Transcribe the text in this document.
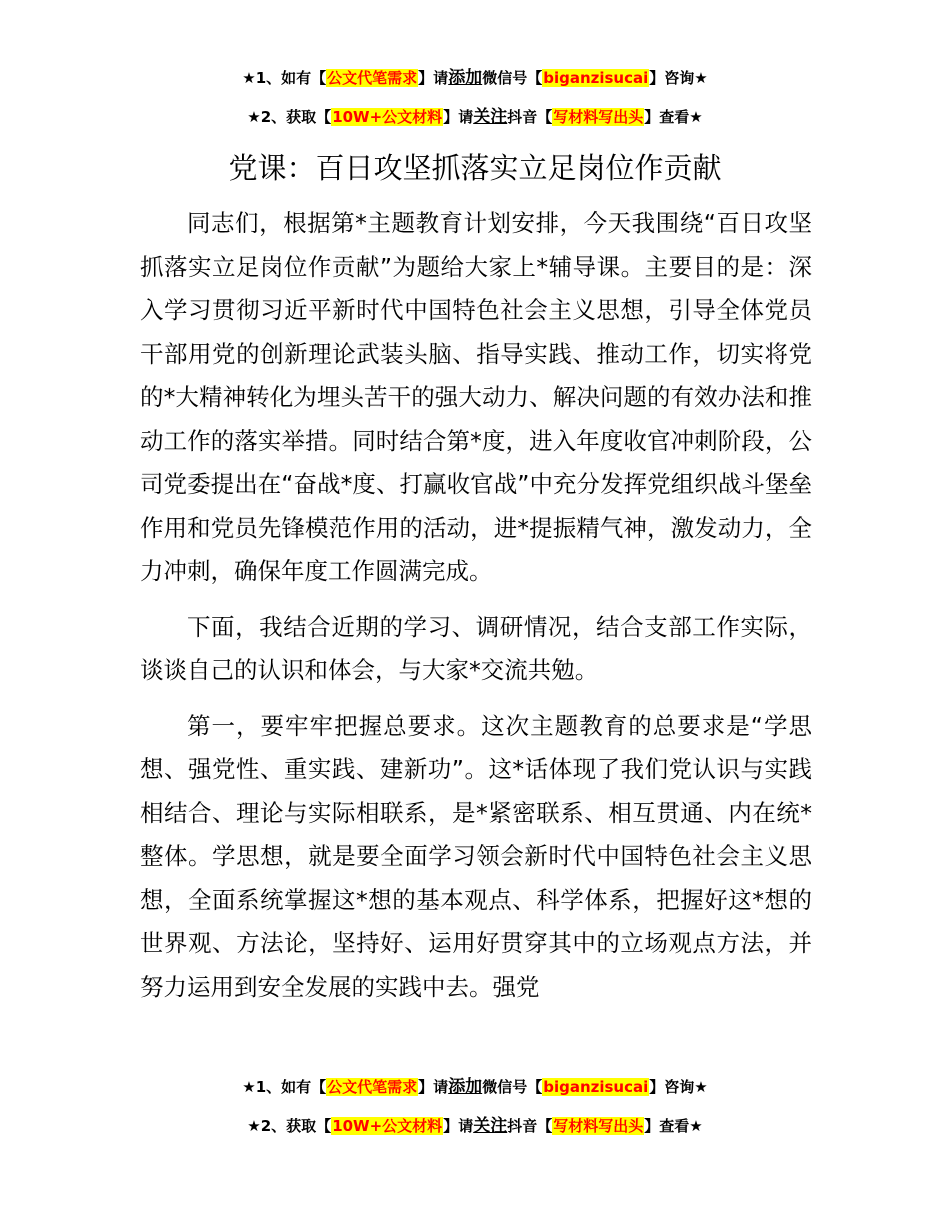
★1、如有【公文代笔需求】请添加微信号【biganzisucai】咨询★
★2、获取【10W+公文材料】请关注抖音【写材料写出头】查看★
党课：百日攻坚抓落实立足岗位作贡献

同志们，根据第*主题教育计划安排，今天我围绕“百日攻坚抓落实立足岗位作贡献”为题给大家上*辅导课。主要目的是：深入学习贯彻习近平新时代中国特色社会主义思想，引导全体党员干部用党的创新理论武装头脑、指导实践、推动工作，切实将党的*大精神转化为埋头苦干的强大动力、解决问题的有效办法和推动工作的落实举措。同时结合第*度，进入年度收官冲刺阶段，公司党委提出在“奋战*度、打赢收官战”中充分发挥党组织战斗堡垒作用和党员先锋模范作用的活动，进*提振精气神，激发动力，全力冲刺，确保年度工作圆满完成。

下面，我结合近期的学习、调研情况，结合支部工作实际，谈谈自己的认识和体会，与大家*交流共勉。

第一，要牢牢把握总要求。这次主题教育的总要求是“学思想、强党性、重实践、建新功”。这*话体现了我们党认识与实践相结合、理论与实际相联系，是*紧密联系、相互贯通、内在统*整体。学思想，就是要全面学习领会新时代中国特色社会主义思想，全面系统掌握这*想的基本观点、科学体系，把握好这*想的世界观、方法论，坚持好、运用好贯穿其中的立场观点方法，并努力运用到安全发展的实践中去。强党

★1、如有【公文代笔需求】请添加微信号【biganzisucai】咨询★
★2、获取【10W+公文材料】请关注抖音【写材料写出头】查看★
